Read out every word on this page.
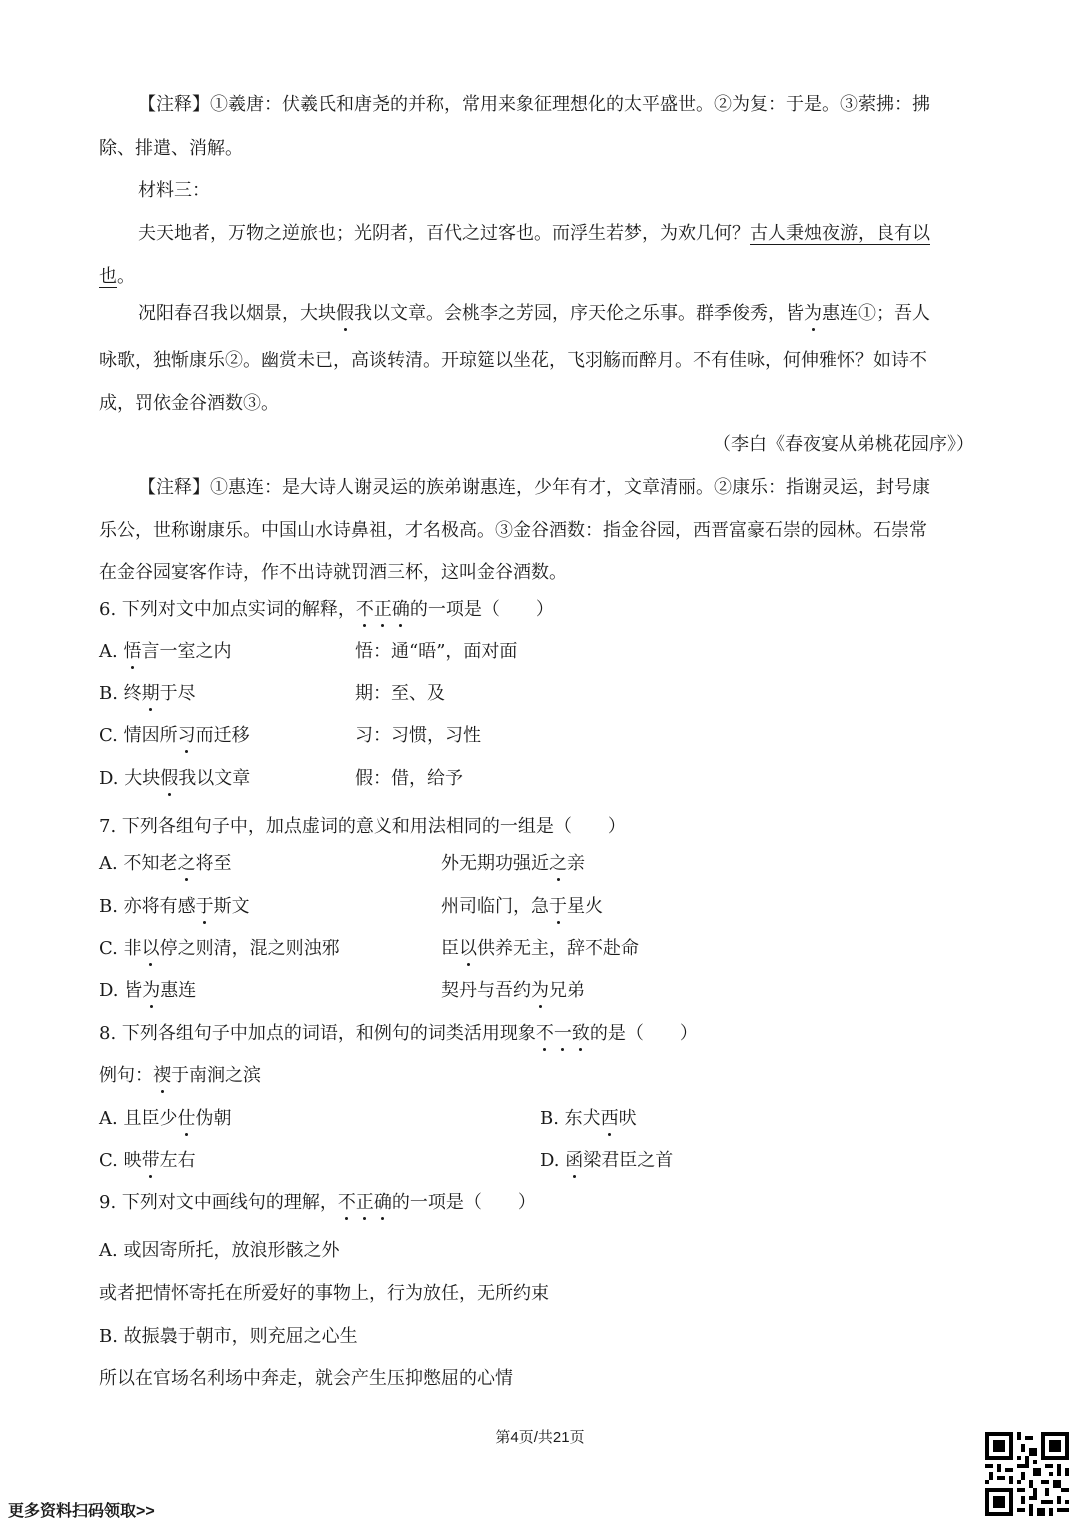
【注释】①羲唐：伏羲氏和唐尧的并称，常用来象征理想化的太平盛世。②为复：于是。③萦拂：拂
除、排遣、消解。
材料三：
夫天地者，万物之逆旅也；光阴者，百代之过客也。而浮生若梦，为欢几何？古人秉烛夜游，良有以
也。
况阳春召我以烟景，大块假我以文章。会桃李之芳园，序天伦之乐事。群季俊秀，皆为惠连①；吾人
咏歌，独惭康乐②。幽赏未已，高谈转清。开琼筵以坐花，飞羽觞而醉月。不有佳咏，何伸雅怀？如诗不
成，罚依金谷酒数③。
（李白《春夜宴从弟桃花园序》）
【注释】①惠连：是大诗人谢灵运的族弟谢惠连，少年有才，文章清丽。②康乐：指谢灵运，封号康
乐公，世称谢康乐。中国山水诗鼻祖，才名极高。③金谷酒数：指金谷园，西晋富豪石崇的园林。石崇常
在金谷园宴客作诗，作不出诗就罚酒三杯，这叫金谷酒数。
6. 下列对文中加点实词的解释，不正确的一项是（　　）
A. 悟言一室之内	悟：通“晤”，面对面
B. 终期于尽	期：至、及
C. 情因所习而迁移	习：习惯，习性
D. 大块假我以文章	假：借，给予
7. 下列各组句子中，加点虚词的意义和用法相同的一组是（　　）
A. 不知老之将至	外无期功强近之亲
B. 亦将有感于斯文	州司临门，急于星火
C. 非以停之则清，混之则浊邪	臣以供养无主，辞不赴命
D. 皆为惠连	契丹与吾约为兄弟
8. 下列各组句子中加点的词语，和例句的词类活用现象不一致的是（　　）
例句：禊于南涧之滨
A. 且臣少仕伪朝	B. 东犬西吠
C. 映带左右	D. 函梁君臣之首
9. 下列对文中画线句的理解，不正确的一项是（　　）
A. 或因寄所托，放浪形骸之外
或者把情怀寄托在所爱好的事物上，行为放任，无所约束
B. 故振䙚于朝市，则充屈之心生
所以在官场名利场中奔走，就会产生压抑憋屈的心情
第4页/共21页
更多资料扫码领取>>
